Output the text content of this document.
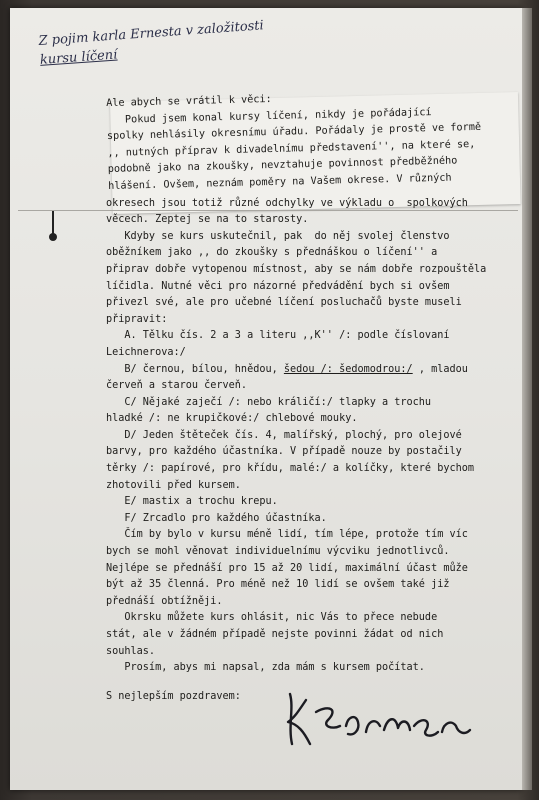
Z pojim karla Ernesta v založitosti
kursu líčení
Ale abych se vrátil k věci:
Pokud jsem konal kursy líčení, nikdy je pořádající
spolky nehlásily okresnímu úřadu. Pořádaly je prostě ve formě
,, nutných příprav k divadelnímu představení'', na které se,
podobně jako na zkoušky, nevztahuje povinnost předběžného
hlášení. Ovšem, neznám poměry na Vašem okrese. V různých
okresech jsou totiž různé odchylky ve výkladu o  spolkových
věcech. Zeptej se na to starosty.
Kdyby se kurs uskutečnil, pak  do něj svolej členstvo
oběžníkem jako ,, do zkoušky s přednáškou o líčení'' a
připrav dobře vytopenou místnost, aby se nám dobře rozpouštěla
líčidla. Nutné věci pro názorné předvádění bych si ovšem
přivezl své, ale pro učebné líčení posluchačů byste museli
připravit:
A. Tělku čís. 2 a 3 a literu ,,K'' /: podle číslovaní
Leichnerova:/
B/ černou, bílou, hnědou, šedou /: šedomodrou:/ , mladou
červeň a starou červeň.
C/ Nějaké zaječí /: nebo králičí:/ tlapky a trochu
hladké /: ne krupičkové:/ chlebové mouky.
D/ Jeden štěteček čís. 4, malířský, plochý, pro olejové
barvy, pro každého účastníka. V případě nouze by postačily
těrky /: papírové, pro křídu, malé:/ a kolíčky, které bychom
zhotovili před kursem.
E/ mastix a trochu krepu.
F/ Zrcadlo pro každého účastníka.
Čím by bylo v kursu méně lidí, tím lépe, protože tím víc
bych se mohl věnovat individuelnímu výcviku jednotlivců.
Nejlépe se přednáší pro 15 až 20 lidí, maximální účast může
být až 35 členná. Pro méně než 10 lidí se ovšem také již
přednáší obtížněji.
Okrsku můžete kurs ohlásit, nic Vás to přece nebude
stát, ale v žádném případě nejste povinni žádat od nich
souhlas.
Prosím, abys mi napsal, zda mám s kursem počítat.
S nejlepším pozdravem:
